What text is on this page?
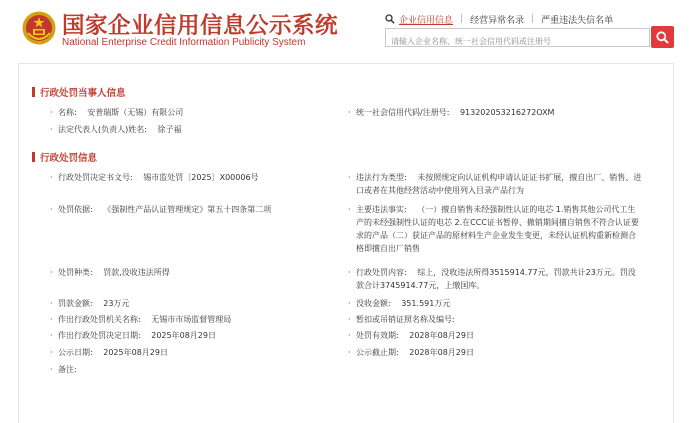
国家企业信用信息公示系统
National Enterprise Credit Information Publicity System
企业信用信息 | 经营异常名录 | 严重违法失信名单
请输入企业名称、统一社会信用代码或注册号
行政处罚当事人信息
· 名称: 安普瑞斯（无锡）有限公司	· 统一社会信用代码/注册号: 913202053216272OXM
· 法定代表人(负责人)姓名: 徐子福
行政处罚信息
· 行政处罚决定书文号: 锡市监处罚〔2025〕X00006号	· 违法行为类型: 未按照规定向认证机构申请认证证书扩展，擅自出厂、销售、进口或者在其他经营活动中使用列入目录产品行为
· 处罚依据: 《强制性产品认证管理规定》第五十四条第二项	· 主要违法事实: （一）擅自销售未经强制性认证的电芯 1.销售其他公司代工生产的未经强制性认证的电芯 2.在CCC证书暂停、撤销期间擅自销售不符合认证要求的产品（二）获证产品的原材料生产企业发生变更，未经认证机构重新检测合格即擅自出厂销售
· 处罚种类: 罚款,没收违法所得	· 行政处罚内容: 综上，没收违法所得3515914.77元，罚款共计23万元。罚没款合计3745914.77元，上缴国库。
· 罚款金额: 23万元	· 没收金额: 351.591万元
· 作出行政处罚机关名称: 无锡市市场监督管理局	· 暂扣或吊销证照名称及编号:
· 作出行政处罚决定日期: 2025年08月29日	· 处罚有效期: 2028年08月29日
· 公示日期: 2025年08月29日	· 公示截止期: 2028年08月29日
· 备注:
